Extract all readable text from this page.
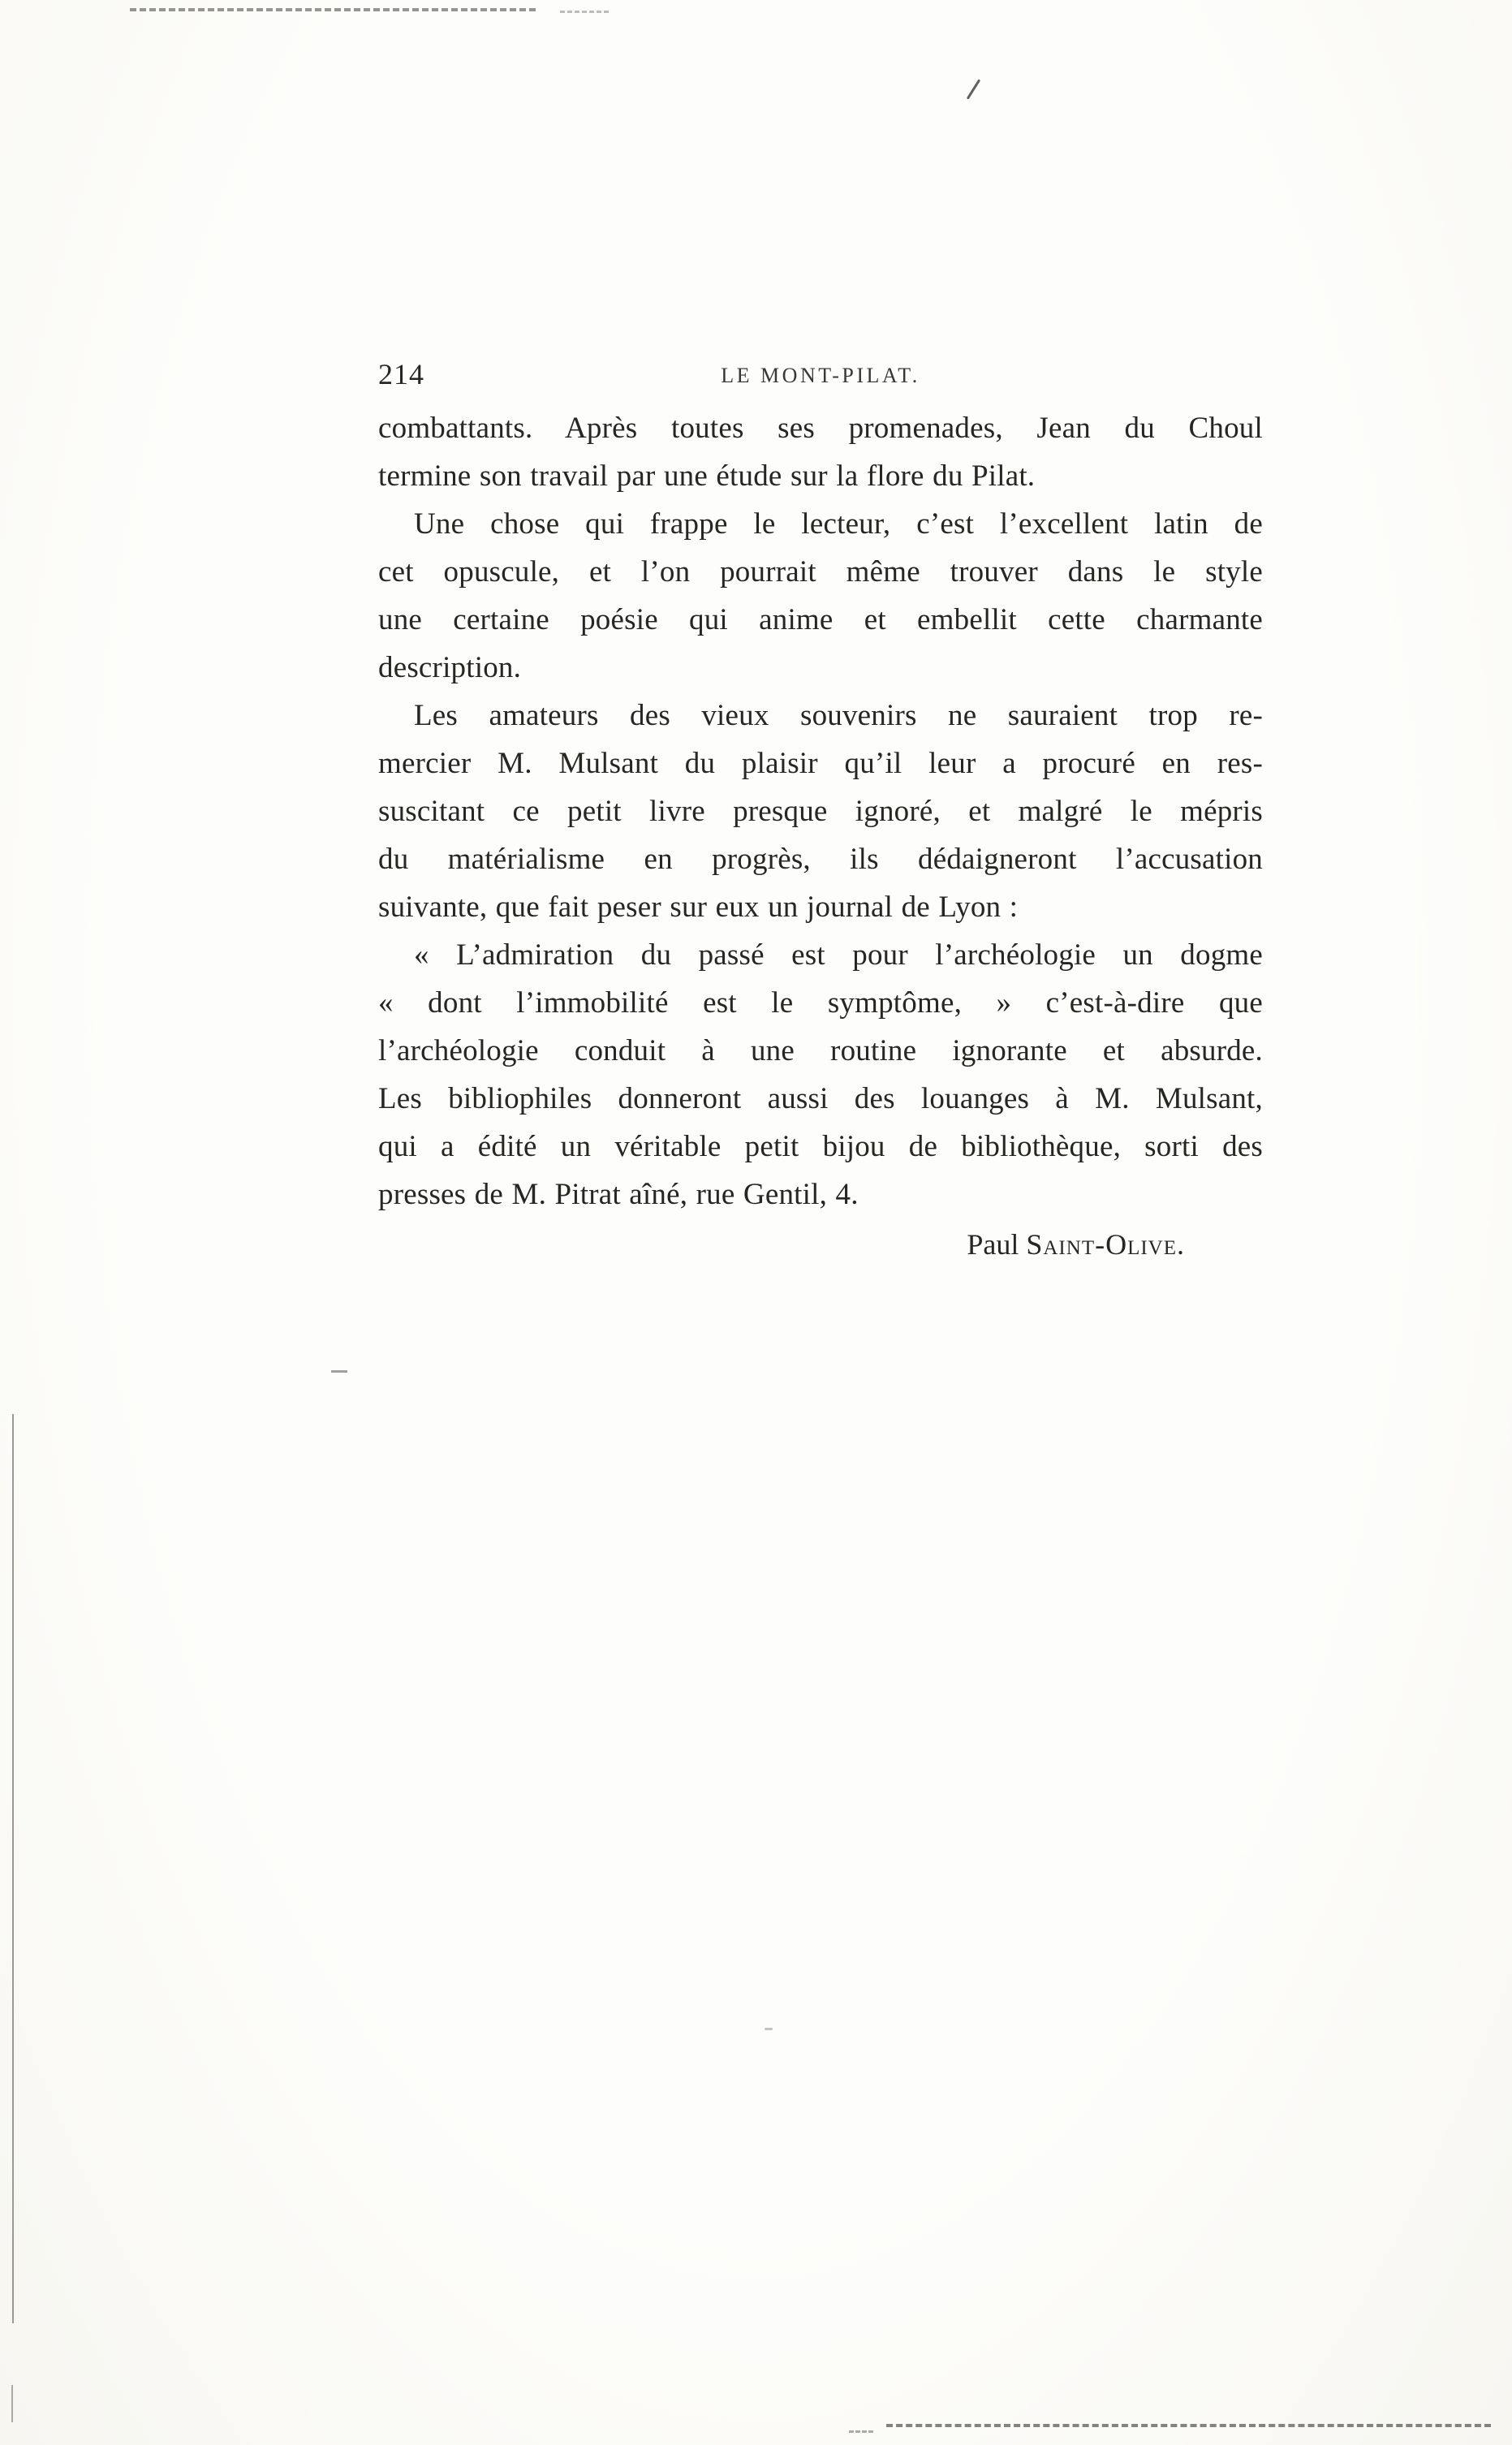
214	LE MONT-PILAT.
combattants. Après toutes ses promenades, Jean du Choul
termine son travail par une étude sur la flore du Pilat.
Une chose qui frappe le lecteur, c’est l’excellent latin de
cet opuscule, et l’on pourrait même trouver dans le style
une certaine poésie qui anime et embellit cette charmante
description.
Les amateurs des vieux souvenirs ne sauraient trop re-
mercier M. Mulsant du plaisir qu’il leur a procuré en res-
suscitant ce petit livre presque ignoré, et malgré le mépris
du matérialisme en progrès, ils dédaigneront l’accusation
suivante, que fait peser sur eux un journal de Lyon :
« L’admiration du passé est pour l’archéologie un dogme
« dont l’immobilité est le symptôme, » c’est-à-dire que
l’archéologie conduit à une routine ignorante et absurde.
Les bibliophiles donneront aussi des louanges à M. Mulsant,
qui a édité un véritable petit bijou de bibliothèque, sorti des
presses de M. Pitrat aîné, rue Gentil, 4.
Paul Saint-Olive.
